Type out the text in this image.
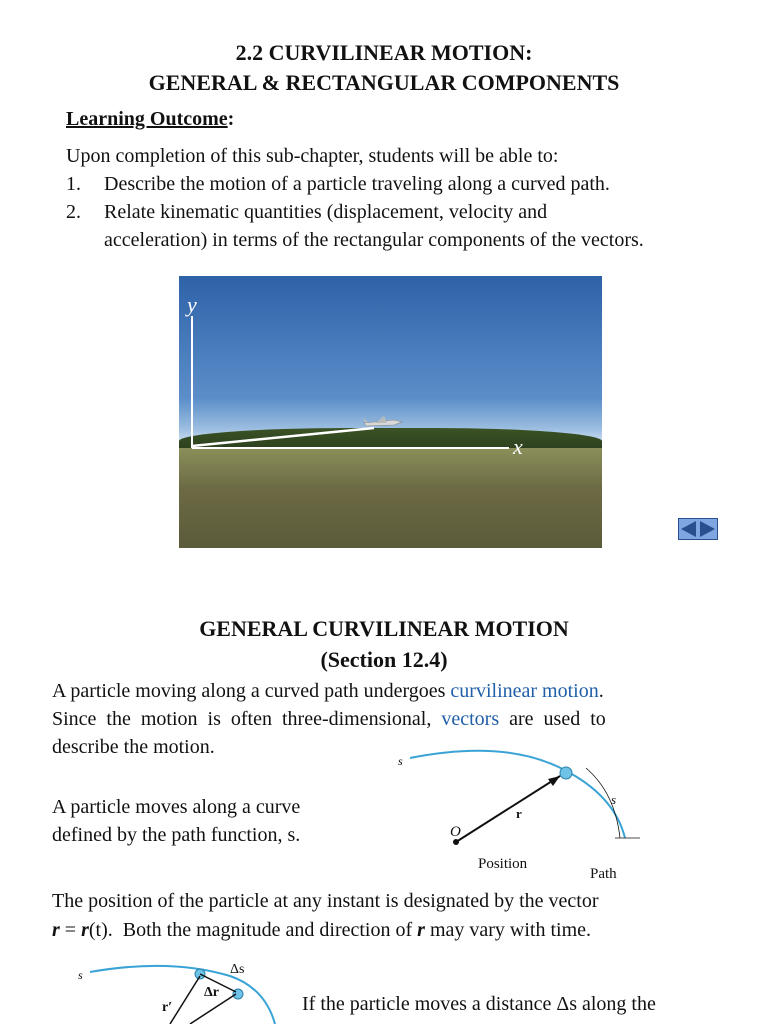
2.2 CURVILINEAR MOTION:
GENERAL & RECTANGULAR COMPONENTS
Learning Outcome:
Upon completion of this sub-chapter, students will be able to:
1. Describe the motion of a particle traveling along a curved path.
2. Relate kinematic quantities (displacement, velocity and
acceleration) in terms of the rectangular components of the vectors.
y
x
GENERAL CURVILINEAR MOTION
(Section 12.4)
A particle moving along a curved path undergoes curvilinear motion.
Since  the  motion  is  often  three-dimensional,  vectors  are  used  to
describe the motion.
A particle moves along a curve
defined by the path function, s.
s
s
r
O
Position
Path
The position of the particle at any instant is designated by the vector
r = r(t).  Both the magnitude and direction of r may vary with time.
s	Δs
Δr
r′	If the particle moves a distance Δs along the
